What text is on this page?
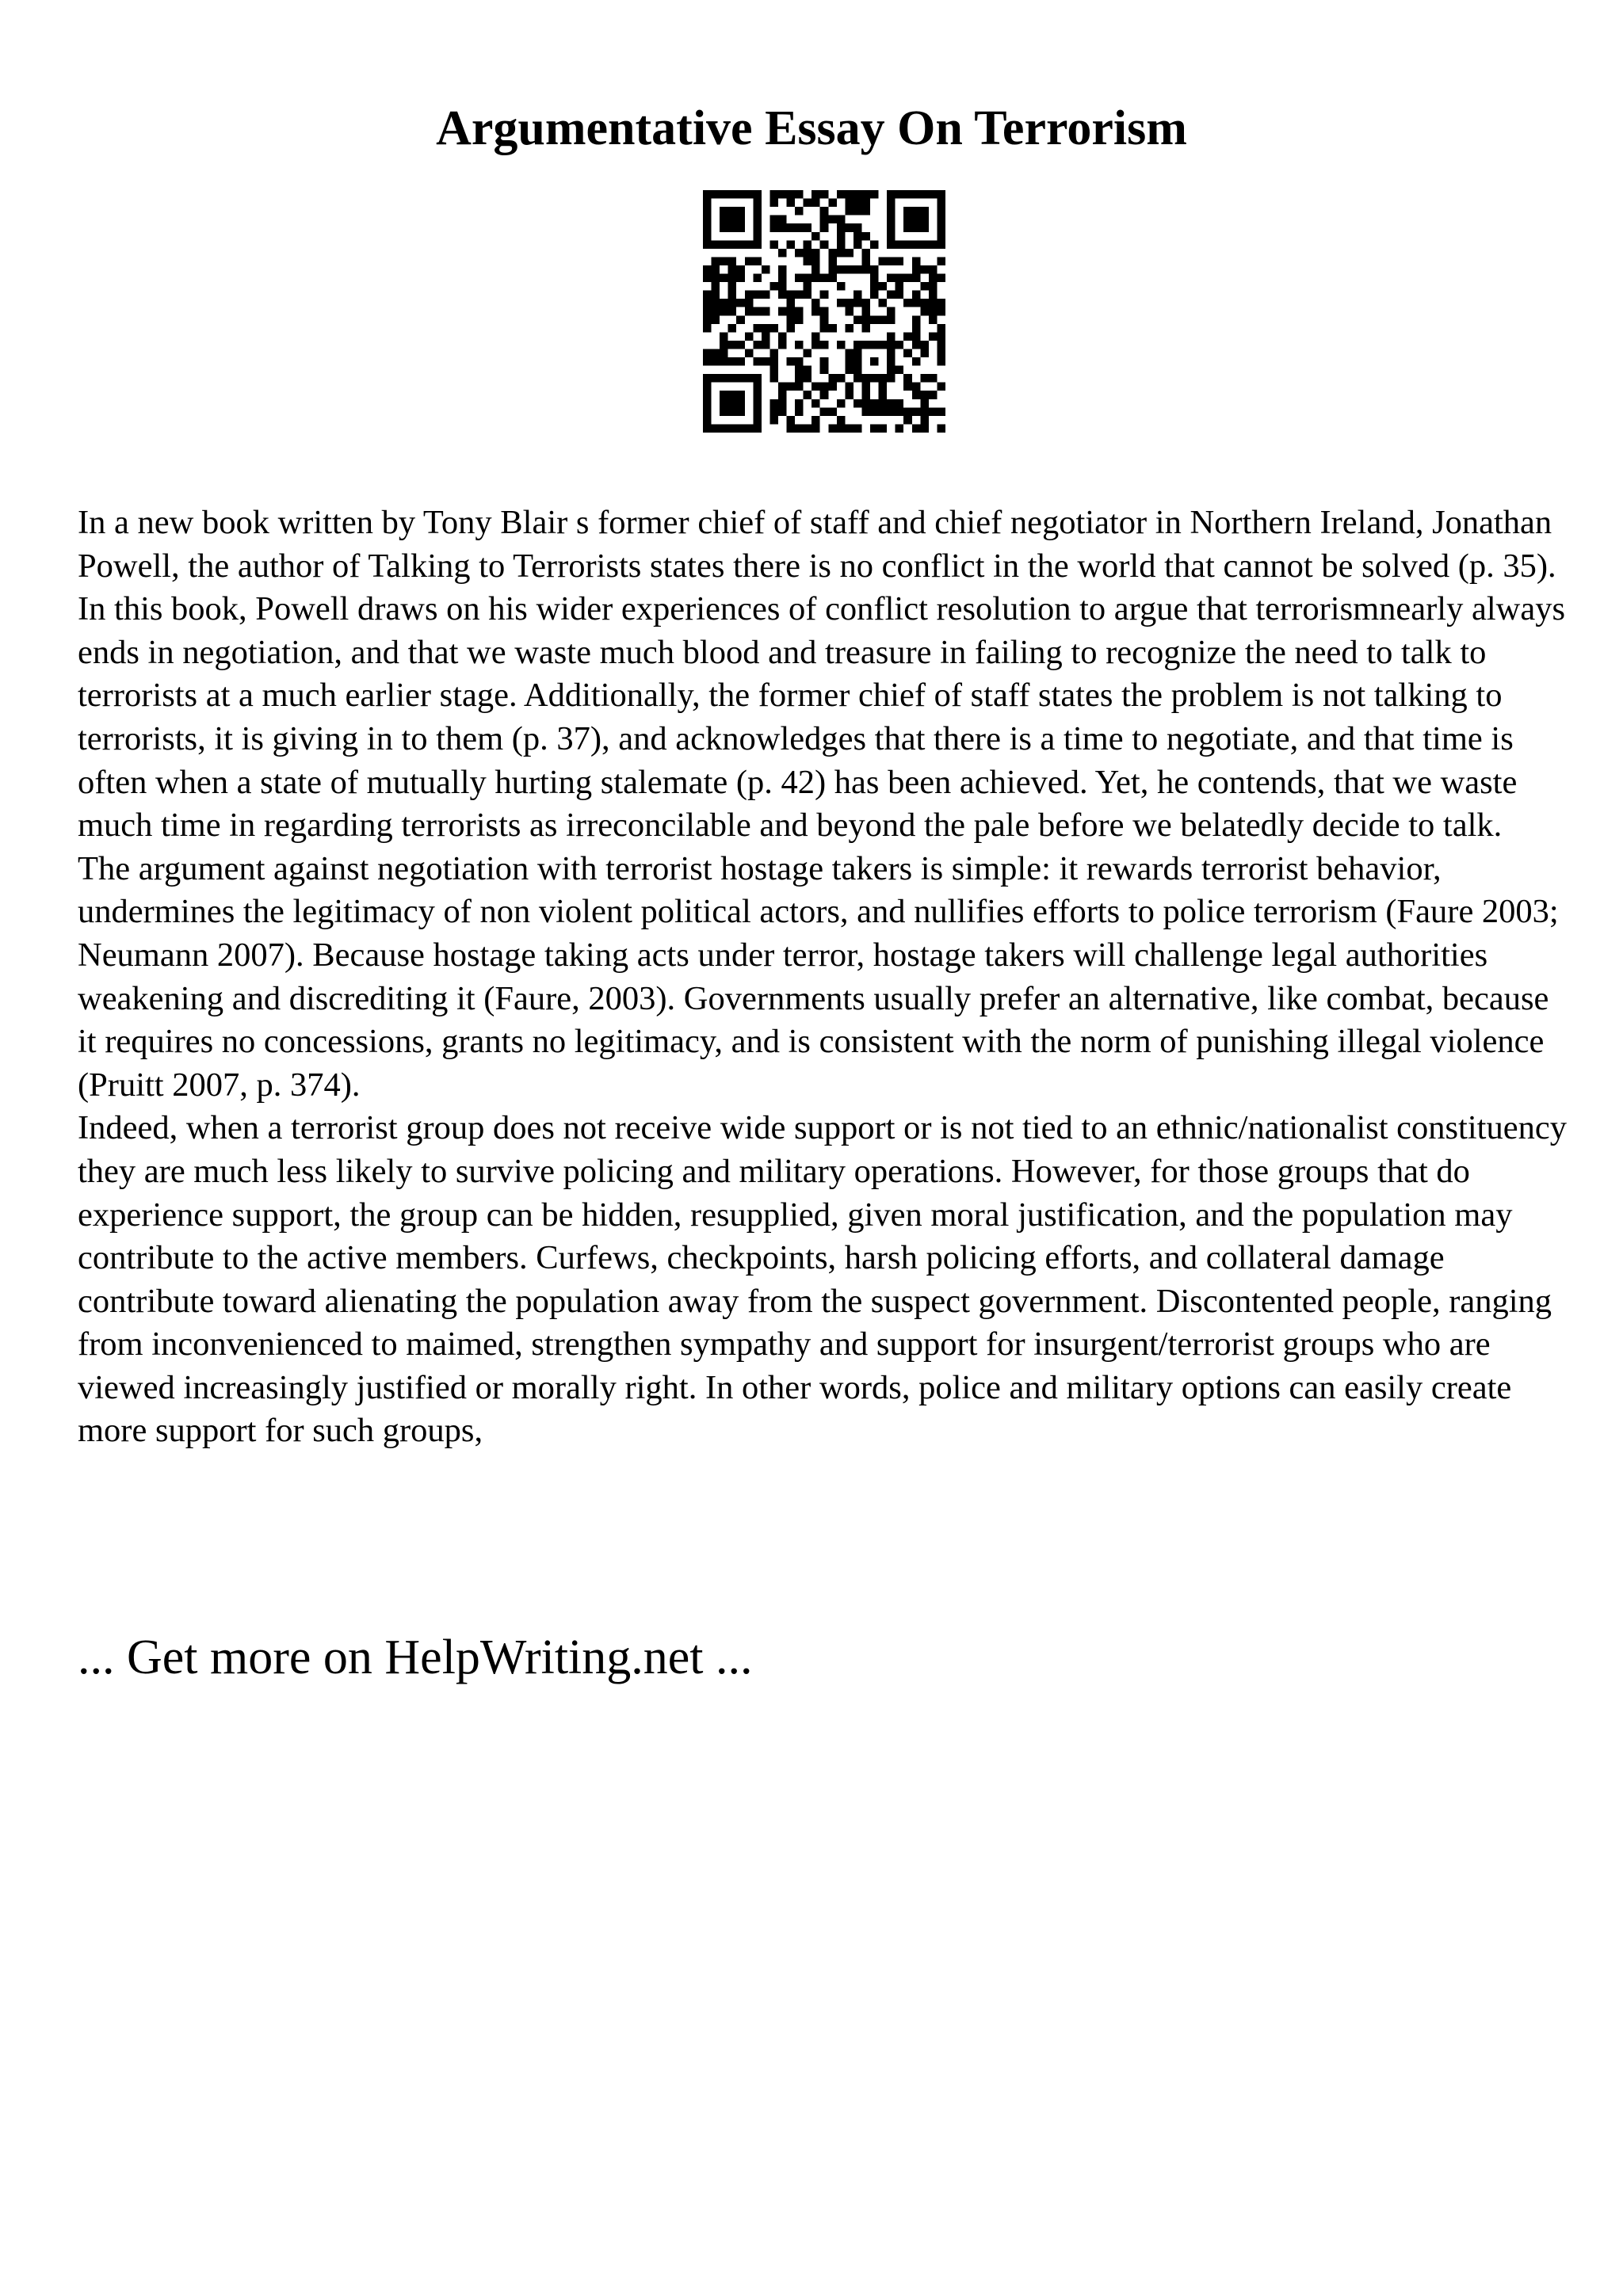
Argumentative Essay On Terrorism

In a new book written by Tony Blair s former chief of staff and chief negotiator in Northern Ireland, Jonathan Powell, the author of Talking to Terrorists states there is no conflict in the world that cannot be solved (p. 35). In this book, Powell draws on his wider experiences of conflict resolution to argue that terrorismnearly always ends in negotiation, and that we waste much blood and treasure in failing to recognize the need to talk to terrorists at a much earlier stage. Additionally, the former chief of staff states the problem is not talking to terrorists, it is giving in to them (p. 37), and acknowledges that there is a time to negotiate, and that time is often when a state of mutually hurting stalemate (p. 42) has been achieved. Yet, he contends, that we waste much time in regarding terrorists as irreconcilable and beyond the pale before we belatedly decide to talk.

The argument against negotiation with terrorist hostage takers is simple: it rewards terrorist behavior, undermines the legitimacy of non violent political actors, and nullifies efforts to police terrorism (Faure 2003; Neumann 2007). Because hostage taking acts under terror, hostage takers will challenge legal authorities weakening and discrediting it (Faure, 2003). Governments usually prefer an alternative, like combat, because it requires no concessions, grants no legitimacy, and is consistent with the norm of punishing illegal violence (Pruitt 2007, p. 374).

Indeed, when a terrorist group does not receive wide support or is not tied to an ethnic/nationalist constituency they are much less likely to survive policing and military operations. However, for those groups that do experience support, the group can be hidden, resupplied, given moral justification, and the population may contribute to the active members. Curfews, checkpoints, harsh policing efforts, and collateral damage contribute toward alienating the population away from the suspect government. Discontented people, ranging from inconvenienced to maimed, strengthen sympathy and support for insurgent/terrorist groups who are viewed increasingly justified or morally right. In other words, police and military options can easily create more support for such groups,

... Get more on HelpWriting.net ...
